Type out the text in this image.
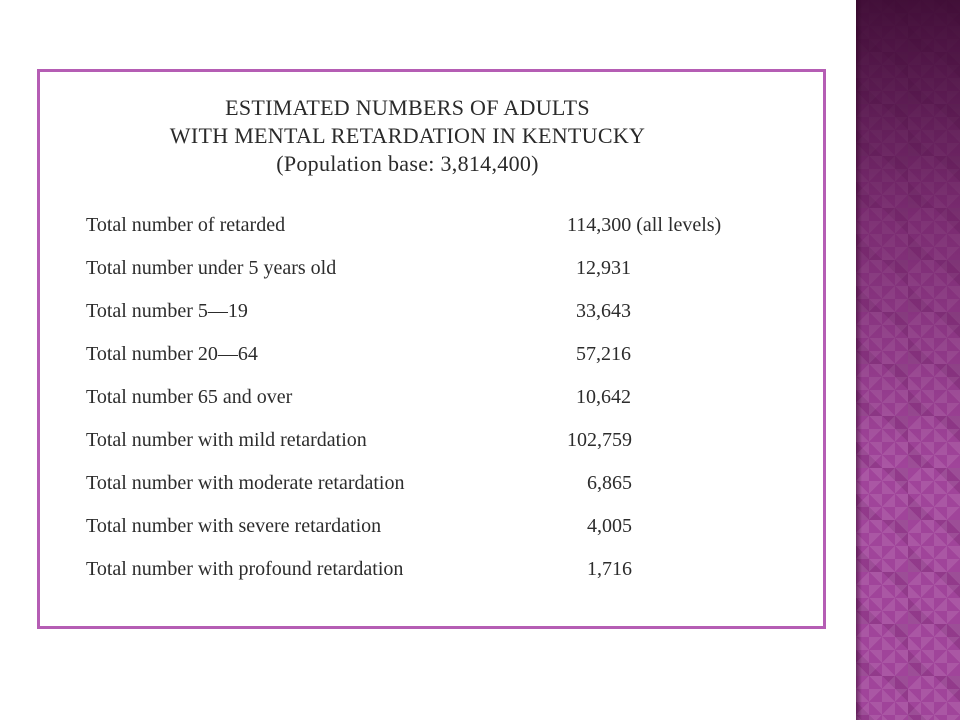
ESTIMATED NUMBERS OF ADULTS
WITH MENTAL RETARDATION IN KENTUCKY
(Population base: 3,814,400)
Total number of retarded	114,300 (all levels)
Total number under 5 years old	12,931
Total number 5—19	33,643
Total number 20—64	57,216
Total number 65 and over	10,642
Total number with mild retardation	102,759
Total number with moderate retardation	6,865
Total number with severe retardation	4,005
Total number with profound retardation	1,716
